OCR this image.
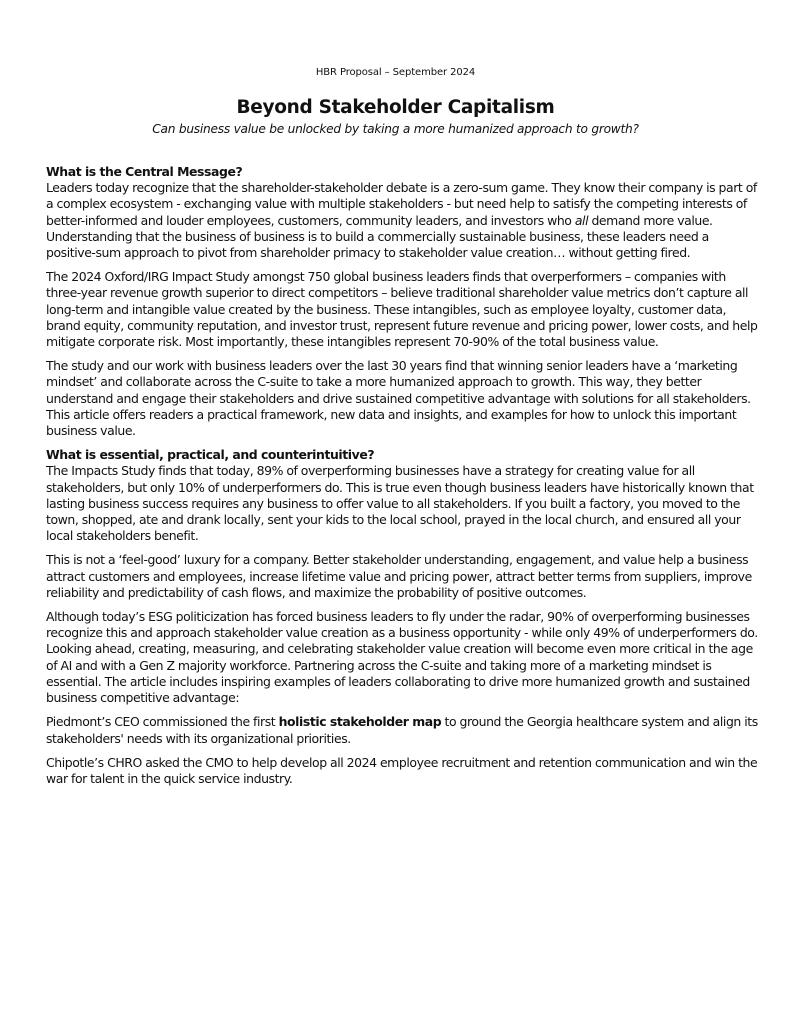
HBR Proposal – September 2024
Beyond Stakeholder Capitalism
Can business value be unlocked by taking a more humanized approach to growth?
What is the Central Message?

Leaders today recognize that the shareholder-stakeholder debate is a zero-sum game. They know their company is part of a complex ecosystem - exchanging value with multiple stakeholders - but need help to satisfy the competing interests of better-informed and louder employees, customers, community leaders, and investors who all demand more value. Understanding that the business of business is to build a commercially sustainable business, these leaders need a positive-sum approach to pivot from shareholder primacy to stakeholder value creation… without getting fired.

The 2024 Oxford/IRG Impact Study amongst 750 global business leaders finds that overperformers – companies with three-year revenue growth superior to direct competitors – believe traditional shareholder value metrics don’t capture all long-term and intangible value created by the business. These intangibles, such as employee loyalty, customer data, brand equity, community reputation, and investor trust, represent future revenue and pricing power, lower costs, and help mitigate corporate risk. Most importantly, these intangibles represent 70-90% of the total business value.

The study and our work with business leaders over the last 30 years find that winning senior leaders have a ‘marketing mindset’ and collaborate across the C-suite to take a more humanized approach to growth. This way, they better understand and engage their stakeholders and drive sustained competitive advantage with solutions for all stakeholders. This article offers readers a practical framework, new data and insights, and examples for how to unlock this important business value.

What is essential, practical, and counterintuitive?

The Impacts Study finds that today, 89% of overperforming businesses have a strategy for creating value for all stakeholders, but only 10% of underperformers do. This is true even though business leaders have historically known that lasting business success requires any business to offer value to all stakeholders. If you built a factory, you moved to the town, shopped, ate and drank locally, sent your kids to the local school, prayed in the local church, and ensured all your local stakeholders benefit.

This is not a ‘feel-good’ luxury for a company. Better stakeholder understanding, engagement, and value help a business attract customers and employees, increase lifetime value and pricing power, attract better terms from suppliers, improve reliability and predictability of cash flows, and maximize the probability of positive outcomes.

Although today’s ESG politicization has forced business leaders to fly under the radar, 90% of overperforming businesses recognize this and approach stakeholder value creation as a business opportunity - while only 49% of underperformers do.

Looking ahead, creating, measuring, and celebrating stakeholder value creation will become even more critical in the age of AI and with a Gen Z majority workforce. Partnering across the C-suite and taking more of a marketing mindset is essential. The article includes inspiring examples of leaders collaborating to drive more humanized growth and sustained business competitive advantage:

Piedmont’s CEO commissioned the first holistic stakeholder map to ground the Georgia healthcare system and align its stakeholders' needs with its organizational priorities.

Chipotle’s CHRO asked the CMO to help develop all 2024 employee recruitment and retention communication and win the war for talent in the quick service industry.
